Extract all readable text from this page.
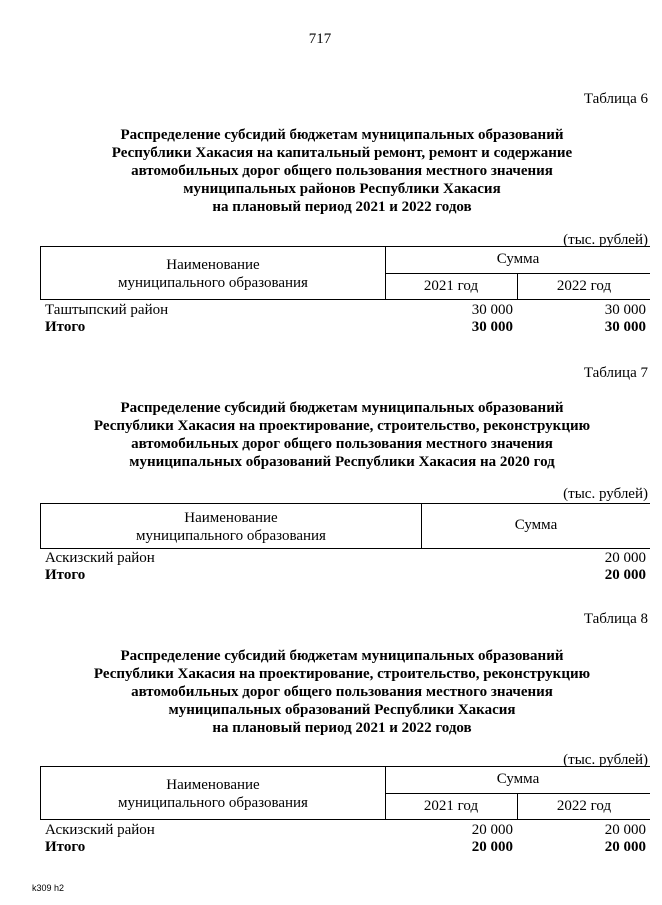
717
Таблица 6
Распределение субсидий бюджетам муниципальных образований
Республики Хакасия на капитальный ремонт, ремонт и содержание
автомобильных дорог общего пользования местного значения
муниципальных районов Республики Хакасия
на плановый период 2021 и 2022 годов
(тыс. рублей)
Наименование
муниципального образования
Сумма
2021 год	2022 год
Таштыпский район	30 000	30 000
Итого	30 000	30 000
Таблица 7
Распределение субсидий бюджетам муниципальных образований
Республики Хакасия на проектирование, строительство, реконструкцию
автомобильных дорог общего пользования местного значения
муниципальных образований Республики Хакасия на 2020 год
(тыс. рублей)
Наименование
муниципального образования
Сумма
Аскизский район	20 000
Итого	20 000
Таблица 8
Распределение субсидий бюджетам муниципальных образований
Республики Хакасия на проектирование, строительство, реконструкцию
автомобильных дорог общего пользования местного значения
муниципальных образований Республики Хакасия
на плановый период 2021 и 2022 годов
(тыс. рублей)
Наименование
муниципального образования
Сумма
2021 год	2022 год
Аскизский район	20 000	20 000
Итого	20 000	20 000
k309 h2
